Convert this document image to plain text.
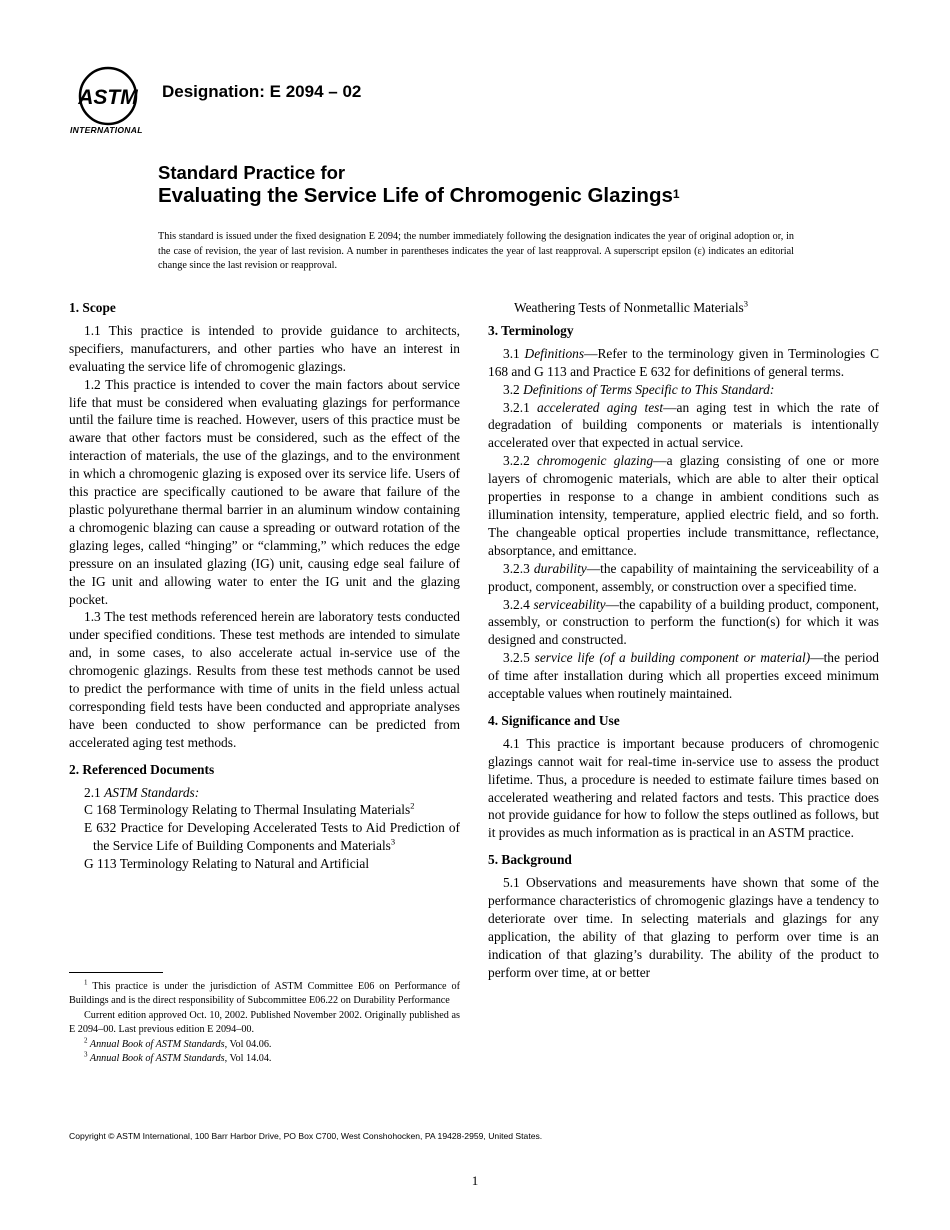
ASTM
INTERNATIONAL
Designation: E 2094 – 02
Standard Practice for
Evaluating the Service Life of Chromogenic Glazings$^1$
This standard is issued under the fixed designation E 2094; the number immediately following the designation indicates the year of original adoption or, in the case of revision, the year of last revision. A number in parentheses indicates the year of last reapproval. A superscript epsilon (ε) indicates an editorial change since the last revision or reapproval.
1. Scope

1.1 This practice is intended to provide guidance to architects, specifiers, manufacturers, and other parties who have an interest in evaluating the service life of chromogenic glazings.

1.2 This practice is intended to cover the main factors about service life that must be considered when evaluating glazings for performance until the failure time is reached. However, users of this practice must be aware that other factors must be considered, such as the effect of the interaction of materials, the use of the glazings, and to the environment in which a chromogenic glazing is exposed over its service life. Users of this practice are specifically cautioned to be aware that failure of the plastic polyurethane thermal barrier in an aluminum window containing a chromogenic blazing can cause a spreading or outward rotation of the glazing leges, called “hinging” or “clamming,” which reduces the edge pressure on an insulated glazing (IG) unit, causing edge seal failure of the IG unit and allowing water to enter the IG unit and the glazing pocket.

1.3 The test methods referenced herein are laboratory tests conducted under specified conditions. These test methods are intended to simulate and, in some cases, to also accelerate actual in-service use of the chromogenic glazings. Results from these test methods cannot be used to predict the performance with time of units in the field unless actual corresponding field tests have been conducted and appropriate analyses have been conducted to show performance can be predicted from accelerated aging test methods.

2. Referenced Documents

2.1 ASTM Standards:

C 168 Terminology Relating to Thermal Insulating Materials$^2$

E 632 Practice for Developing Accelerated Tests to Aid Prediction of the Service Life of Building Components and Materials$^3$

G 113 Terminology Relating to Natural and Artificial

Weathering Tests of Nonmetallic Materials$^3$

3. Terminology

3.1 Definitions—Refer to the terminology given in Terminologies C 168 and G 113 and Practice E 632 for definitions of general terms.

3.2 Definitions of Terms Specific to This Standard:

3.2.1 accelerated aging test—an aging test in which the rate of degradation of building components or materials is intentionally accelerated over that expected in actual service.

3.2.2 chromogenic glazing—a glazing consisting of one or more layers of chromogenic materials, which are able to alter their optical properties in response to a change in ambient conditions such as illumination intensity, temperature, applied electric field, and so forth. The changeable optical properties include transmittance, reflectance, absorptance, and emittance.

3.2.3 durability—the capability of maintaining the serviceability of a product, component, assembly, or construction over a specified time.

3.2.4 serviceability—the capability of a building product, component, assembly, or construction to perform the function(s) for which it was designed and constructed.

3.2.5 service life (of a building component or material)—the period of time after installation during which all properties exceed minimum acceptable values when routinely maintained.

4. Significance and Use

4.1 This practice is important because producers of chromogenic glazings cannot wait for real-time in-service use to assess the product lifetime. Thus, a procedure is needed to estimate failure times based on accelerated weathering and related factors and tests. This practice does not provide guidance for how to follow the steps outlined as follows, but it provides as much information as is practical in an ASTM practice.

5. Background

5.1 Observations and measurements have shown that some of the performance characteristics of chromogenic glazings have a tendency to deteriorate over time. In selecting materials and glazings for any application, the ability of that glazing to perform over time is an indication of that glazing’s durability. The ability of the product to perform over time, at or better

$^1$ This practice is under the jurisdiction of ASTM Committee E06 on Performance of Buildings and is the direct responsibility of Subcommittee E06.22 on Durability Performance

Current edition approved Oct. 10, 2002. Published November 2002. Originally published as E 2094–00. Last previous edition E 2094–00.

$^2$ Annual Book of ASTM Standards, Vol 04.06.

$^3$ Annual Book of ASTM Standards, Vol 14.04.

Copyright © ASTM International, 100 Barr Harbor Drive, PO Box C700, West Conshohocken, PA 19428-2959, United States.
1
